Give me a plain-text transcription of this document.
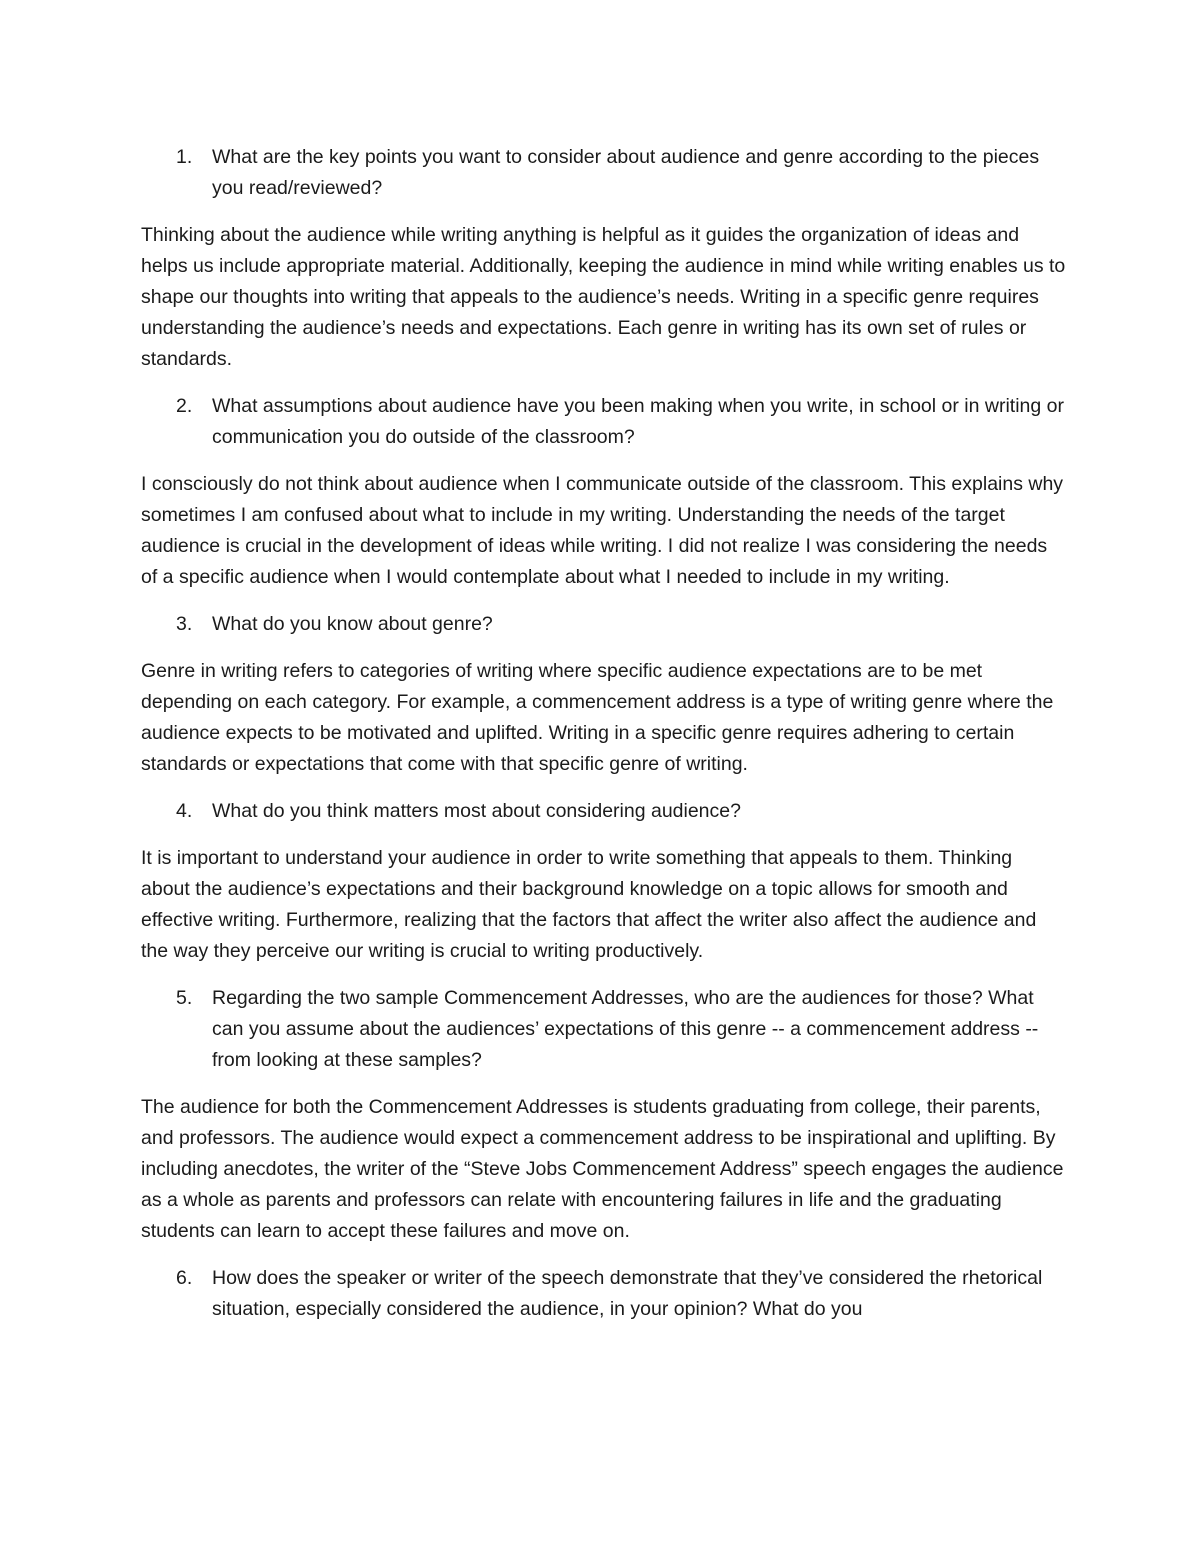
1. What are the key points you want to consider about audience and genre according to the pieces you read/reviewed?

Thinking about the audience while writing anything is helpful as it guides the organization of ideas and helps us include appropriate material. Additionally, keeping the audience in mind while writing enables us to shape our thoughts into writing that appeals to the audience’s needs. Writing in a specific genre requires understanding the audience’s needs and expectations. Each genre in writing has its own set of rules or standards.

2. What assumptions about audience have you been making when you write, in school or in writing or communication you do outside of the classroom?

I consciously do not think about audience when I communicate outside of the classroom. This explains why sometimes I am confused about what to include in my writing. Understanding the needs of the target audience is crucial in the development of ideas while writing. I did not realize I was considering the needs of a specific audience when I would contemplate about what I needed to include in my writing.

3. What do you know about genre?

Genre in writing refers to categories of writing where specific audience expectations are to be met depending on each category. For example, a commencement address is a type of writing genre where the audience expects to be motivated and uplifted. Writing in a specific genre requires adhering to certain standards or expectations that come with that specific genre of writing.

4. What do you think matters most about considering audience?

It is important to understand your audience in order to write something that appeals to them. Thinking about the audience’s expectations and their background knowledge on a topic allows for smooth and effective writing. Furthermore, realizing that the factors that affect the writer also affect the audience and the way they perceive our writing is crucial to writing productively.

5. Regarding the two sample Commencement Addresses, who are the audiences for those? What can you assume about the audiences’ expectations of this genre -- a commencement address -- from looking at these samples?

The audience for both the Commencement Addresses is students graduating from college, their parents, and professors. The audience would expect a commencement address to be inspirational and uplifting. By including anecdotes, the writer of the “Steve Jobs Commencement Address” speech engages the audience as a whole as parents and professors can relate with encountering failures in life and the graduating students can learn to accept these failures and move on.

6. How does the speaker or writer of the speech demonstrate that they’ve considered the rhetorical situation, especially considered the audience, in your opinion? What do you
